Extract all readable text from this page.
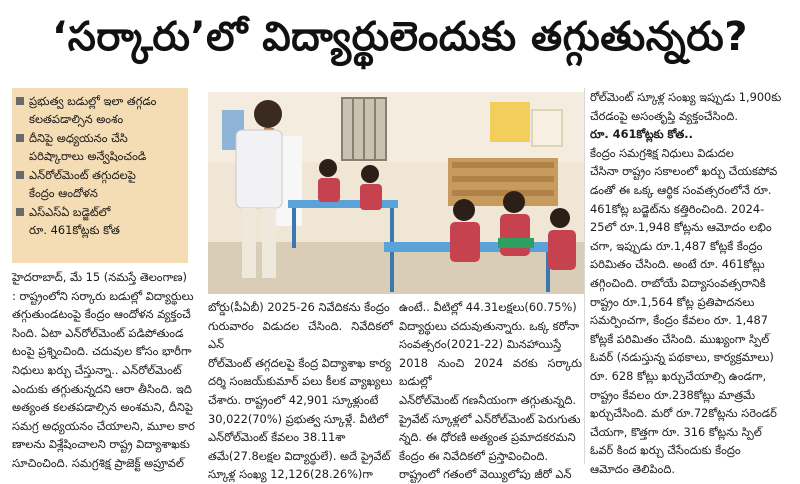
‘సర్కారు’లో విద్యార్థులెందుకు తగ్గుతున్నరు?
ప్రభుత్వ బడుల్లో ఇలా తగ్గడం
కలతపడాల్సిన అంశం
దీనిపై అధ్యయనం చేసి
పరిష్కారాలు అన్వేషించండి
ఎన్‌రోల్‌మెంట్ తగ్గుదలపై
కేంద్రం ఆందోళన
ఎస్ఎస్ఏ బడ్జెట్‌లో
రూ. 461కోట్లకు కోత
హైదరాబాద్, మే 15 (నమస్తే తెలంగాణ)
: రాష్ట్రంలోని సర్కారు బడుల్లో విద్యార్థులు
తగ్గుతుండటంపై కేంద్రం ఆందోళన వ్యక్తంచే
సింది. ఏటా ఎన్‌రోల్‌మెంట్ పడిపోతుండ
టంపై ప్రశ్నించింది. చదువుల కోసం భారీగా
నిధులు ఖర్చు చేస్తున్నా.. ఎన్‌రోల్‌మెంట్
ఎందుకు తగ్గుతున్నదని ఆరా తీసింది. ఇది
అత్యంత కలతపడాల్సిన అంశమని, దీనిపై
సమగ్ర అధ్యయనం చేయాలని, మూల కార
ణాలను విశ్లేషించాలని రాష్ట్ర విద్యాశాఖకు
సూచించింది. సమగ్రశిక్ష ప్రాజెక్ట్ అప్రూవల్
బోర్డు(పీఏబీ) 2025-26 నివేదికను కేంద్రం
గురువారం విడుదల చేసింది. నివేదికలో ఎన్
రోల్‌మెంట్ తగ్గదలపై కేంద్ర విద్యాశాఖ కార్య
దర్శి సంజయ్‌కుమార్ పలు కీలక వ్యాఖ్యలు
చేశారు. రాష్ట్రంలో 42,901 స్కూళ్లుంటే
30,022(70%) ప్రభుత్వ స్కూళ్లే. వీటిలో
ఎన్‌రోల్‌మెంట్ కేవలం 38.11శా
తమే(27.8లక్షల విద్యార్థులే). అదే ప్రైవేట్
స్కూళ్ల సంఖ్య 12,126(28.26%)గా
ఉంటే.. వీటిల్లో 44.31లక్షలు(60.75%)
విద్యార్థులు చదువుతున్నారు. ఒక్క కరోనా
సంవత్సరం(2021-22) మినహాయిస్తే
2018 నుంచి 2024 వరకు సర్కారు బడుల్లో
ఎన్‌రోల్‌మెంట్ గణనీయంగా తగ్గుతున్నది.
ప్రైవేట్ స్కూళ్లలో ఎన్‌రోల్‌మెంట్ పెరుగుతు
న్నది. ఈ ధోరణి అత్యంత ప్రమాదకరమని
కేంద్రం ఈ నివేదికలో ప్రస్తావించింది.
రాష్ట్రంలో గతంలో వెయ్యిలోపు జీరో ఎన్
రోల్‌మెంట్ స్కూళ్ల సంఖ్య ఇప్పుడు 1,900కు
చేరడంపై అసంతృప్తి వ్యక్తంచేసింది.
రూ. 461కోట్లకు కోత..
కేంద్రం సమగ్రశిక్ష నిధులు విడుదల
చేసినా రాష్ట్రం సకాలంలో ఖర్చు చేయకపోవ
డంతో ఈ ఒక్క ఆర్థిక సంవత్సరంలోనే రూ.
461కోట్ల బడ్జెట్‌ను కత్తిరించింది. 2024-
25లో రూ.1,948 కోట్లను ఆమోదం లభిం
చగా, ఇప్పుడు రూ.1,487 కోట్లకే కేంద్రం
పరిమితం చేసింది. అంటే రూ. 461కోట్లు
తగ్గించింది. రాబోయే విద్యాసంవత్సరానికి
రాష్ట్రం రూ.1,564 కోట్ల ప్రతిపాదనలు
సమర్పించగా, కేంద్రం కేవలం రూ. 1,487
కోట్లకే పరిమితం చేసింది. ముఖ్యంగా స్పిల్
ఓవర్ (నడుస్తున్న పథకాలు, కార్యక్రమాలు)
రూ. 628 కోట్లు ఖర్చుచేయాల్సి ఉండగా,
రాష్ట్రం కేవలం రూ.238కోట్లు మాత్రమే
ఖర్చుచేసింది. మరో రూ.72కోట్లను సరెండర్
చేయగా, కొత్తగా రూ. 316 కోట్లను స్పిల్
ఓవర్ కింద ఖర్చు చేసేందుకు కేంద్రం
ఆమోదం తెలిపింది.
